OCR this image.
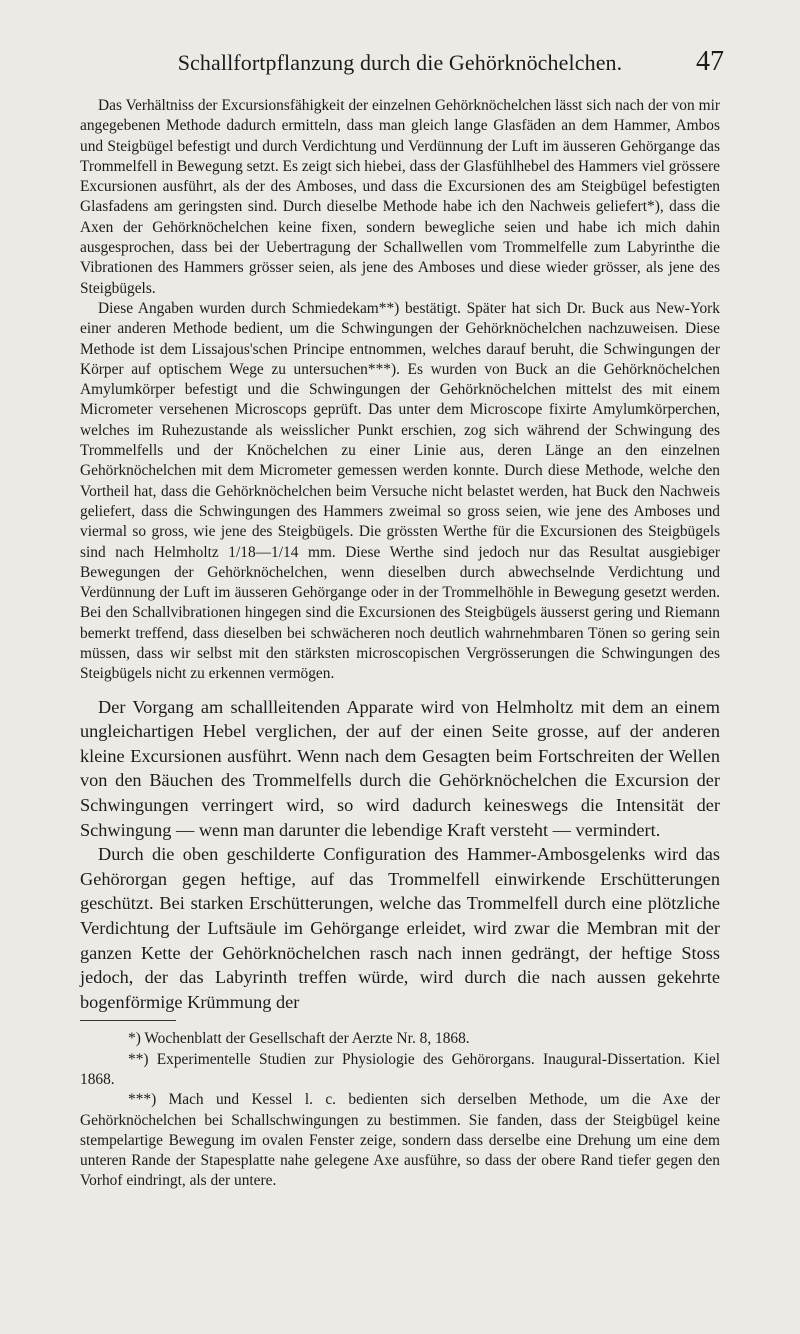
Schallfortpflanzung durch die Gehörknöchelchen.	47

Das Verhältniss der Excursionsfähigkeit der einzelnen Gehörknöchelchen lässt sich nach der von mir angegebenen Methode dadurch ermitteln, dass man gleich lange Glasfäden an dem Hammer, Ambos und Steigbügel befestigt und durch Verdichtung und Verdünnung der Luft im äusseren Gehörgange das Trommelfell in Bewegung setzt. Es zeigt sich hiebei, dass der Glasfühlhebel des Hammers viel grössere Excursionen ausführt, als der des Amboses, und dass die Excursionen des am Steigbügel befestigten Glasfadens am geringsten sind. Durch dieselbe Methode habe ich den Nachweis geliefert*), dass die Axen der Gehörknöchelchen keine fixen, sondern bewegliche seien und habe ich mich dahin ausgesprochen, dass bei der Uebertragung der Schallwellen vom Trommelfelle zum Labyrinthe die Vibrationen des Hammers grösser seien, als jene des Amboses und diese wieder grösser, als jene des Steigbügels.

Diese Angaben wurden durch Schmiedekam**) bestätigt. Später hat sich Dr. Buck aus New-York einer anderen Methode bedient, um die Schwingungen der Gehörknöchelchen nachzuweisen. Diese Methode ist dem Lissajous'schen Principe entnommen, welches darauf beruht, die Schwingungen der Körper auf optischem Wege zu untersuchen***). Es wurden von Buck an die Gehörknöchelchen Amylumkörper befestigt und die Schwingungen der Gehörknöchelchen mittelst des mit einem Micrometer versehenen Microscops geprüft. Das unter dem Microscope fixirte Amylumkörperchen, welches im Ruhezustande als weisslicher Punkt erschien, zog sich während der Schwingung des Trommelfells und der Knöchelchen zu einer Linie aus, deren Länge an den einzelnen Gehörknöchelchen mit dem Micrometer gemessen werden konnte. Durch diese Methode, welche den Vortheil hat, dass die Gehörknöchelchen beim Versuche nicht belastet werden, hat Buck den Nachweis geliefert, dass die Schwingungen des Hammers zweimal so gross seien, wie jene des Amboses und viermal so gross, wie jene des Steigbügels. Die grössten Werthe für die Excursionen des Steigbügels sind nach Helmholtz 1/18—1/14 mm. Diese Werthe sind jedoch nur das Resultat ausgiebiger Bewegungen der Gehörknöchelchen, wenn dieselben durch abwechselnde Verdichtung und Verdünnung der Luft im äusseren Gehörgange oder in der Trommelhöhle in Bewegung gesetzt werden. Bei den Schallvibrationen hingegen sind die Excursionen des Steigbügels äusserst gering und Riemann bemerkt treffend, dass dieselben bei schwächeren noch deutlich wahrnehmbaren Tönen so gering sein müssen, dass wir selbst mit den stärksten microscopischen Vergrösserungen die Schwingungen des Steigbügels nicht zu erkennen vermögen.

Der Vorgang am schallleitenden Apparate wird von Helmholtz mit dem an einem ungleichartigen Hebel verglichen, der auf der einen Seite grosse, auf der anderen kleine Excursionen ausführt. Wenn nach dem Gesagten beim Fortschreiten der Wellen von den Bäuchen des Trommelfells durch die Gehörknöchelchen die Excursion der Schwingungen verringert wird, so wird dadurch keineswegs die Intensität der Schwingung — wenn man darunter die lebendige Kraft versteht — vermindert.

Durch die oben geschilderte Configuration des Hammer-Ambosgelenks wird das Gehörorgan gegen heftige, auf das Trommelfell einwirkende Erschütterungen geschützt. Bei starken Erschütterungen, welche das Trommelfell durch eine plötzliche Verdichtung der Luftsäule im Gehörgange erleidet, wird zwar die Membran mit der ganzen Kette der Gehörknöchelchen rasch nach innen gedrängt, der heftige Stoss jedoch, der das Labyrinth treffen würde, wird durch die nach aussen gekehrte bogenförmige Krümmung der

*) Wochenblatt der Gesellschaft der Aerzte Nr. 8, 1868.

**) Experimentelle Studien zur Physiologie des Gehörorgans. Inaugural-Dissertation. Kiel 1868.

***) Mach und Kessel l. c. bedienten sich derselben Methode, um die Axe der Gehörknöchelchen bei Schallschwingungen zu bestimmen. Sie fanden, dass der Steigbügel keine stempelartige Bewegung im ovalen Fenster zeige, sondern dass derselbe eine Drehung um eine dem unteren Rande der Stapesplatte nahe gelegene Axe ausführe, so dass der obere Rand tiefer gegen den Vorhof eindringt, als der untere.
